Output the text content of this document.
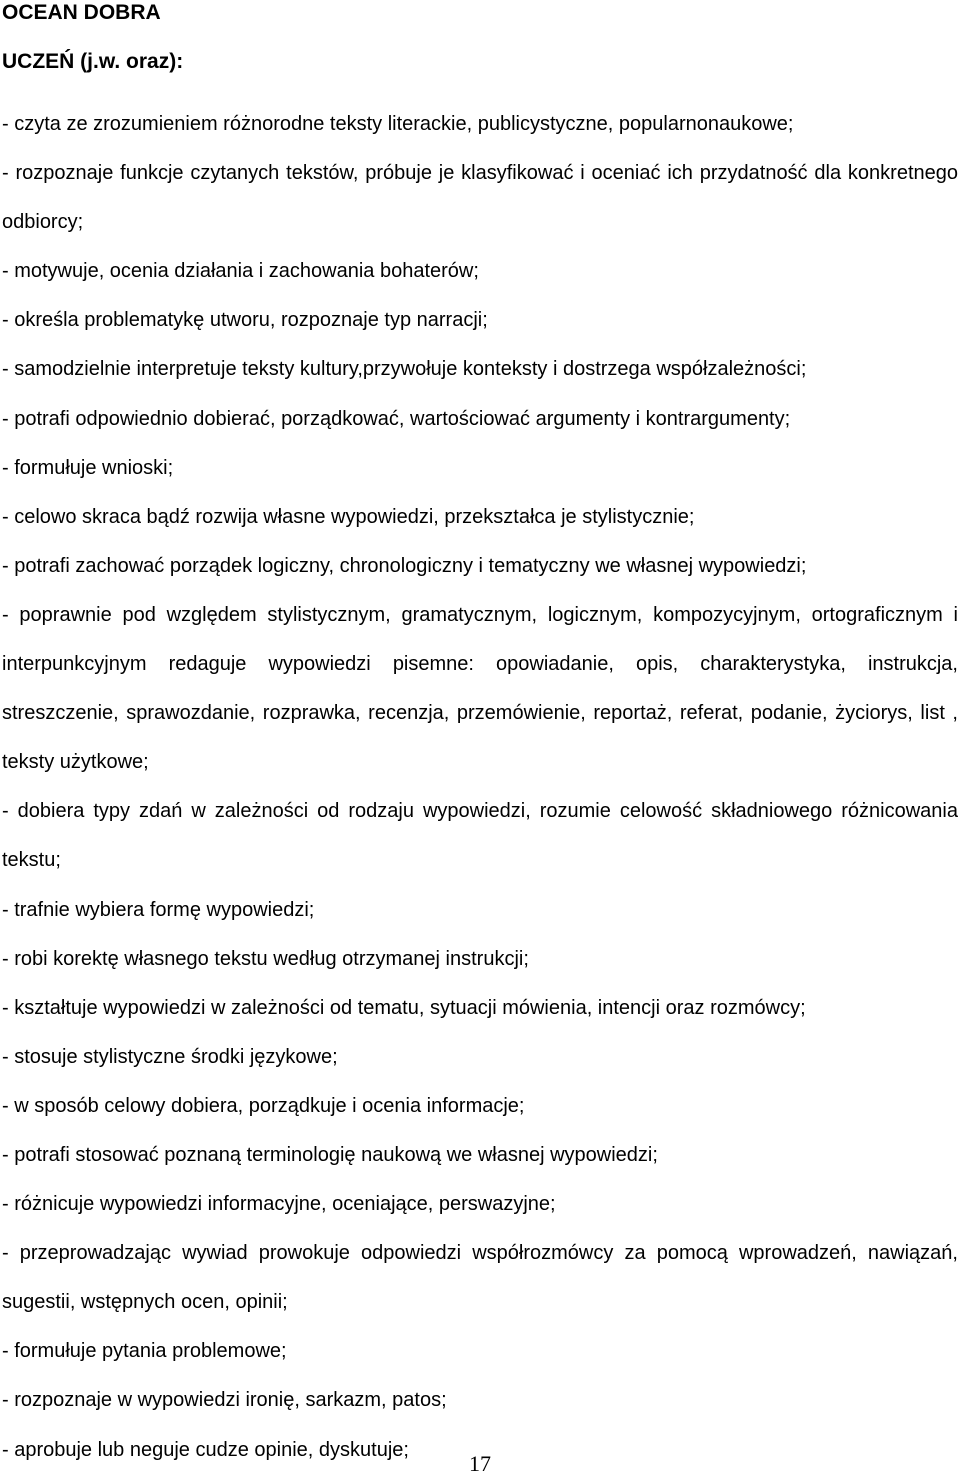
OCEAN DOBRA

UCZEŃ (j.w. oraz):

- czyta ze zrozumieniem różnorodne teksty literackie, publicystyczne, popularnonaukowe;
- rozpoznaje funkcje czytanych tekstów, próbuje je klasyfikować i oceniać ich przydatność dla konkretnego odbiorcy;
- motywuje, ocenia działania i zachowania bohaterów;
- określa problematykę utworu, rozpoznaje typ narracji;
- samodzielnie interpretuje teksty kultury,przywołuje konteksty i dostrzega współzależności;
- potrafi odpowiednio dobierać, porządkować, wartościować argumenty i kontrargumenty;
- formułuje wnioski;
- celowo skraca bądź rozwija własne wypowiedzi, przekształca je stylistycznie;
- potrafi zachować porządek logiczny, chronologiczny i tematyczny we własnej wypowiedzi;
- poprawnie pod względem stylistycznym, gramatycznym, logicznym, kompozycyjnym, ortograficznym i interpunkcyjnym redaguje wypowiedzi pisemne: opowiadanie, opis, charakterystyka, instrukcja, streszczenie, sprawozdanie, rozprawka, recenzja, przemówienie, reportaż, referat, podanie, życiorys, list , teksty użytkowe;
- dobiera typy zdań w zależności od rodzaju wypowiedzi, rozumie celowość składniowego różnicowania tekstu;
- trafnie wybiera formę wypowiedzi;
- robi korektę własnego tekstu według otrzymanej instrukcji;
- kształtuje wypowiedzi w zależności od tematu, sytuacji mówienia, intencji oraz rozmówcy;
- stosuje stylistyczne środki językowe;
- w sposób celowy dobiera, porządkuje i ocenia informacje;
- potrafi stosować poznaną terminologię naukową we własnej wypowiedzi;
- różnicuje wypowiedzi informacyjne, oceniające, perswazyjne;
- przeprowadzając wywiad prowokuje odpowiedzi współrozmówcy za pomocą wprowadzeń, nawiązań, sugestii, wstępnych ocen, opinii;
- formułuje pytania problemowe;
- rozpoznaje w wypowiedzi ironię, sarkazm, patos;
- aprobuje lub neguje cudze opinie, dyskutuje;
17
